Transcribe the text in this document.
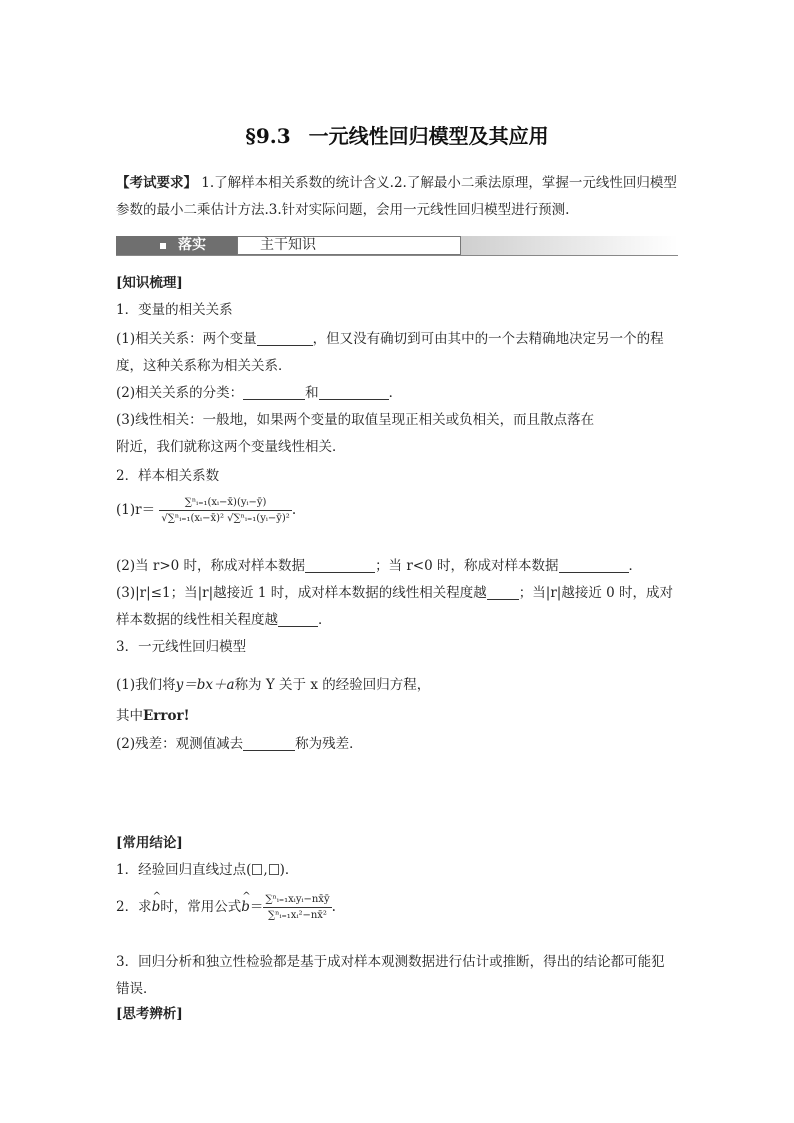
§9.3 一元线性回归模型及其应用
【考试要求】 1.了解样本相关系数的统计含义.2.了解最小二乘法原理，掌握一元线性回归模型
参数的最小二乘估计方法.3.针对实际问题，会用一元线性回归模型进行预测.
落实	主干知识
[知识梳理]
1．变量的相关关系
(1)相关关系：两个变量	，但又没有确切到可由其中的一个去精确地决定另一个的程
度，这种关系称为相关关系．
(2)相关关系的分类：	和	．
(3)线性相关：一般地，如果两个变量的取值呈现正相关或负相关，而且散点落在
附近，我们就称这两个变量线性相关．
2．样本相关系数
$(1)r= \frac{\text{∑ⁿᵢ₌₁(xᵢ−x̄)(yᵢ−ȳ)}}{\text{√∑ⁿᵢ₌₁(xᵢ−x̄)² √∑ⁿᵢ₌₁(yᵢ−ȳ)²}}$ .
(2)当 r>0 时，称成对样本数据	；当 r<0 时，称成对样本数据	．
(3)|r|≤1；当|r|越接近 1 时，成对样本数据的线性相关程度越 ；当|r|越接近 0 时，成对
样本数据的线性相关程度越	．
3．一元线性回归模型
(1)我们将y＝bx＋a称为 Y 关于 x 的经验回归方程，
其中Error!
(2)残差：观测值减去	称为残差．
[常用结论]
1．经验回归直线过点( , )．
2．求^ b时，常用公式^ $b= \frac{\text{∑ⁿᵢ₌₁xᵢyᵢ−nx̄ȳ}}{\text{∑ⁿᵢ₌₁xᵢ²−nx̄²}}$ .
3．回归分析和独立性检验都是基于成对样本观测数据进行估计或推断，得出的结论都可能犯
错误．
[思考辨析]
